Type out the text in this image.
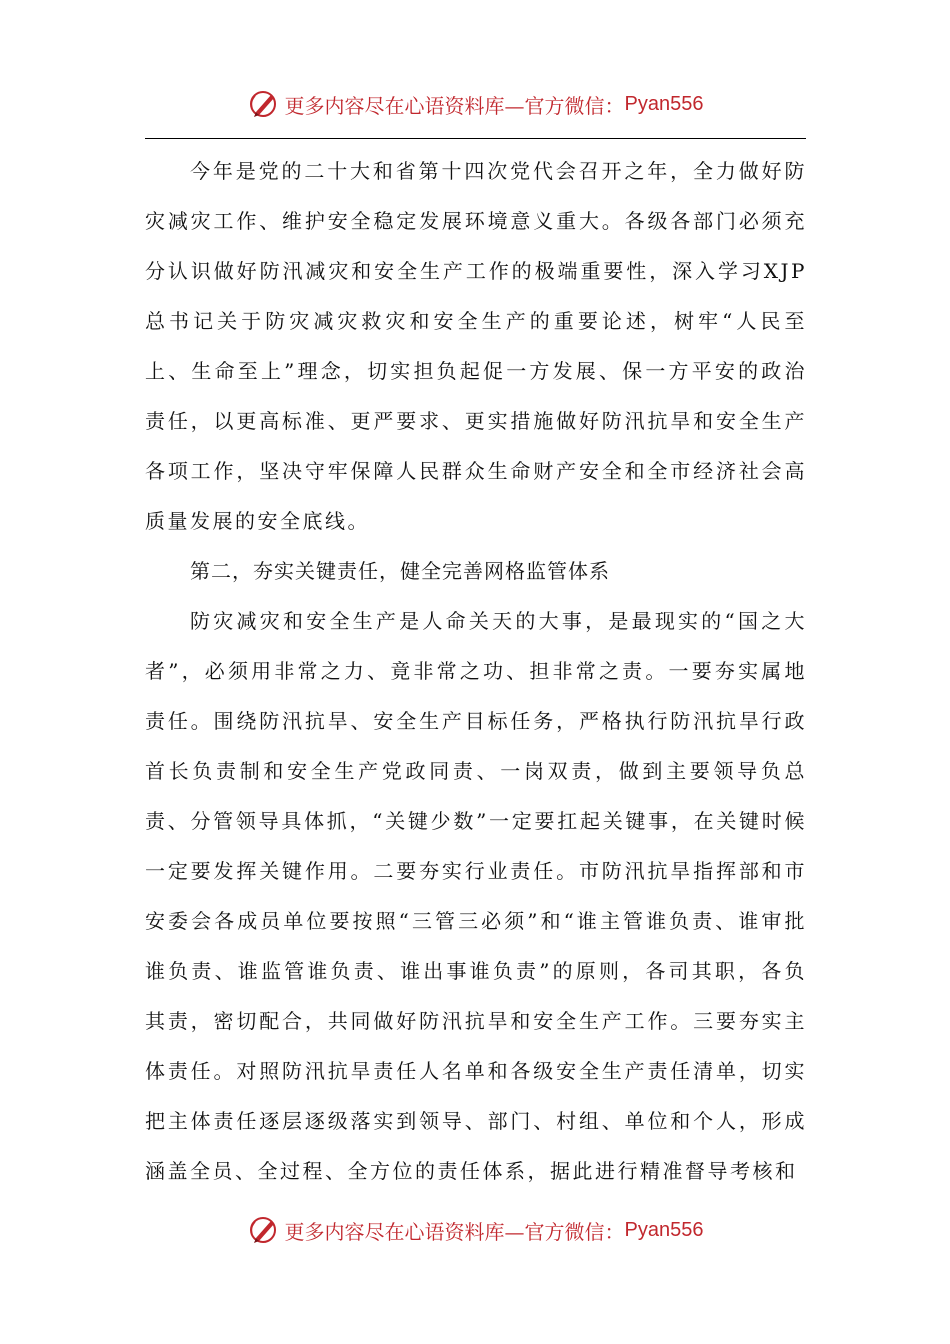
更多内容尽在心语资料库—官方微信： Pyan556

今年是党的二十大和省第十四次党代会召开之年，全力做好防灾减灾工作、维护安全稳定发展环境意义重大。各级各部门必须充分认识做好防汛减灾和安全生产工作的极端重要性，深入学习XJP总书记关于防灾减灾救灾和安全生产的重要论述，树牢“人民至上、生命至上”理念，切实担负起促一方发展、保一方平安的政治责任，以更高标准、更严要求、更实措施做好防汛抗旱和安全生产各项工作，坚决守牢保障人民群众生命财产安全和全市经济社会高质量发展的安全底线。

第二，夯实关键责任，健全完善网格监管体系

防灾减灾和安全生产是人命关天的大事，是最现实的“国之大者”，必须用非常之力、竟非常之功、担非常之责。一要夯实属地责任。围绕防汛抗旱、安全生产目标任务，严格执行防汛抗旱行政首长负责制和安全生产党政同责、一岗双责，做到主要领导负总责、分管领导具体抓，“关键少数”一定要扛起关键事，在关键时候一定要发挥关键作用。二要夯实行业责任。市防汛抗旱指挥部和市安委会各成员单位要按照“三管三必须”和“谁主管谁负责、谁审批谁负责、谁监管谁负责、谁出事谁负责”的原则，各司其职，各负其责，密切配合，共同做好防汛抗旱和安全生产工作。三要夯实主体责任。对照防汛抗旱责任人名单和各级安全生产责任清单，切实把主体责任逐层逐级落实到领导、部门、村组、单位和个人，形成涵盖全员、全过程、全方位的责任体系，据此进行精准督导考核和

更多内容尽在心语资料库—官方微信： Pyan556
